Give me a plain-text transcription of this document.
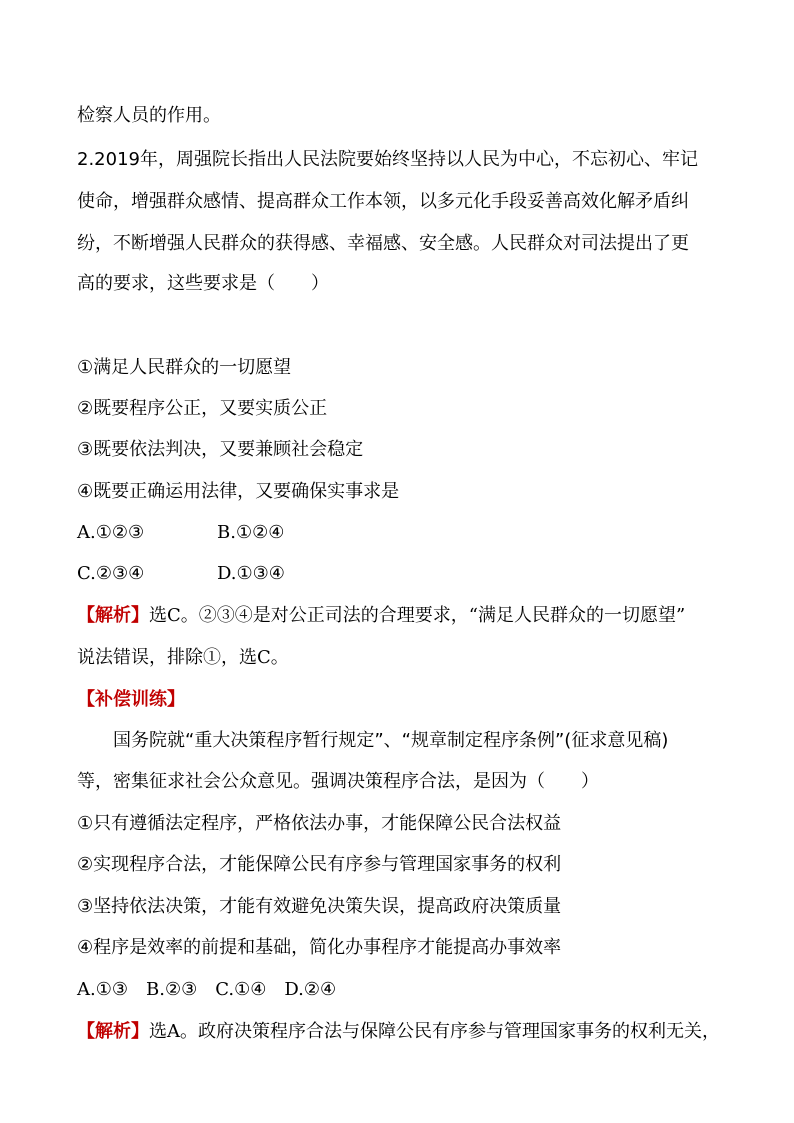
检察人员的作用。
2.2019年，周强院长指出人民法院要始终坚持以人民为中心，不忘初心、牢记
使命，增强群众感情、提高群众工作本领，以多元化手段妥善高效化解矛盾纠
纷，不断增强人民群众的获得感、幸福感、安全感。人民群众对司法提出了更
高的要求，这些要求是（　　）
①满足人民群众的一切愿望
②既要程序公正，又要实质公正
③既要依法判决，又要兼顾社会稳定
④既要正确运用法律，又要确保实事求是
A.①②③	B.①②④
C.②③④	D.①③④
【解析】选C。②③④是对公正司法的合理要求，“满足人民群众的一切愿望”
说法错误，排除①，选C。
【补偿训练】
国务院就“重大决策程序暂行规定”、“规章制定程序条例”(征求意见稿)
等，密集征求社会公众意见。强调决策程序合法，是因为（　　）
①只有遵循法定程序，严格依法办事，才能保障公民合法权益
②实现程序合法，才能保障公民有序参与管理国家事务的权利
③坚持依法决策，才能有效避免决策失误，提高政府决策质量
④程序是效率的前提和基础，简化办事程序才能提高办事效率
A.①③ B.②③ C.①④ D.②④
【解析】选A。政府决策程序合法与保障公民有序参与管理国家事务的权利无关，
